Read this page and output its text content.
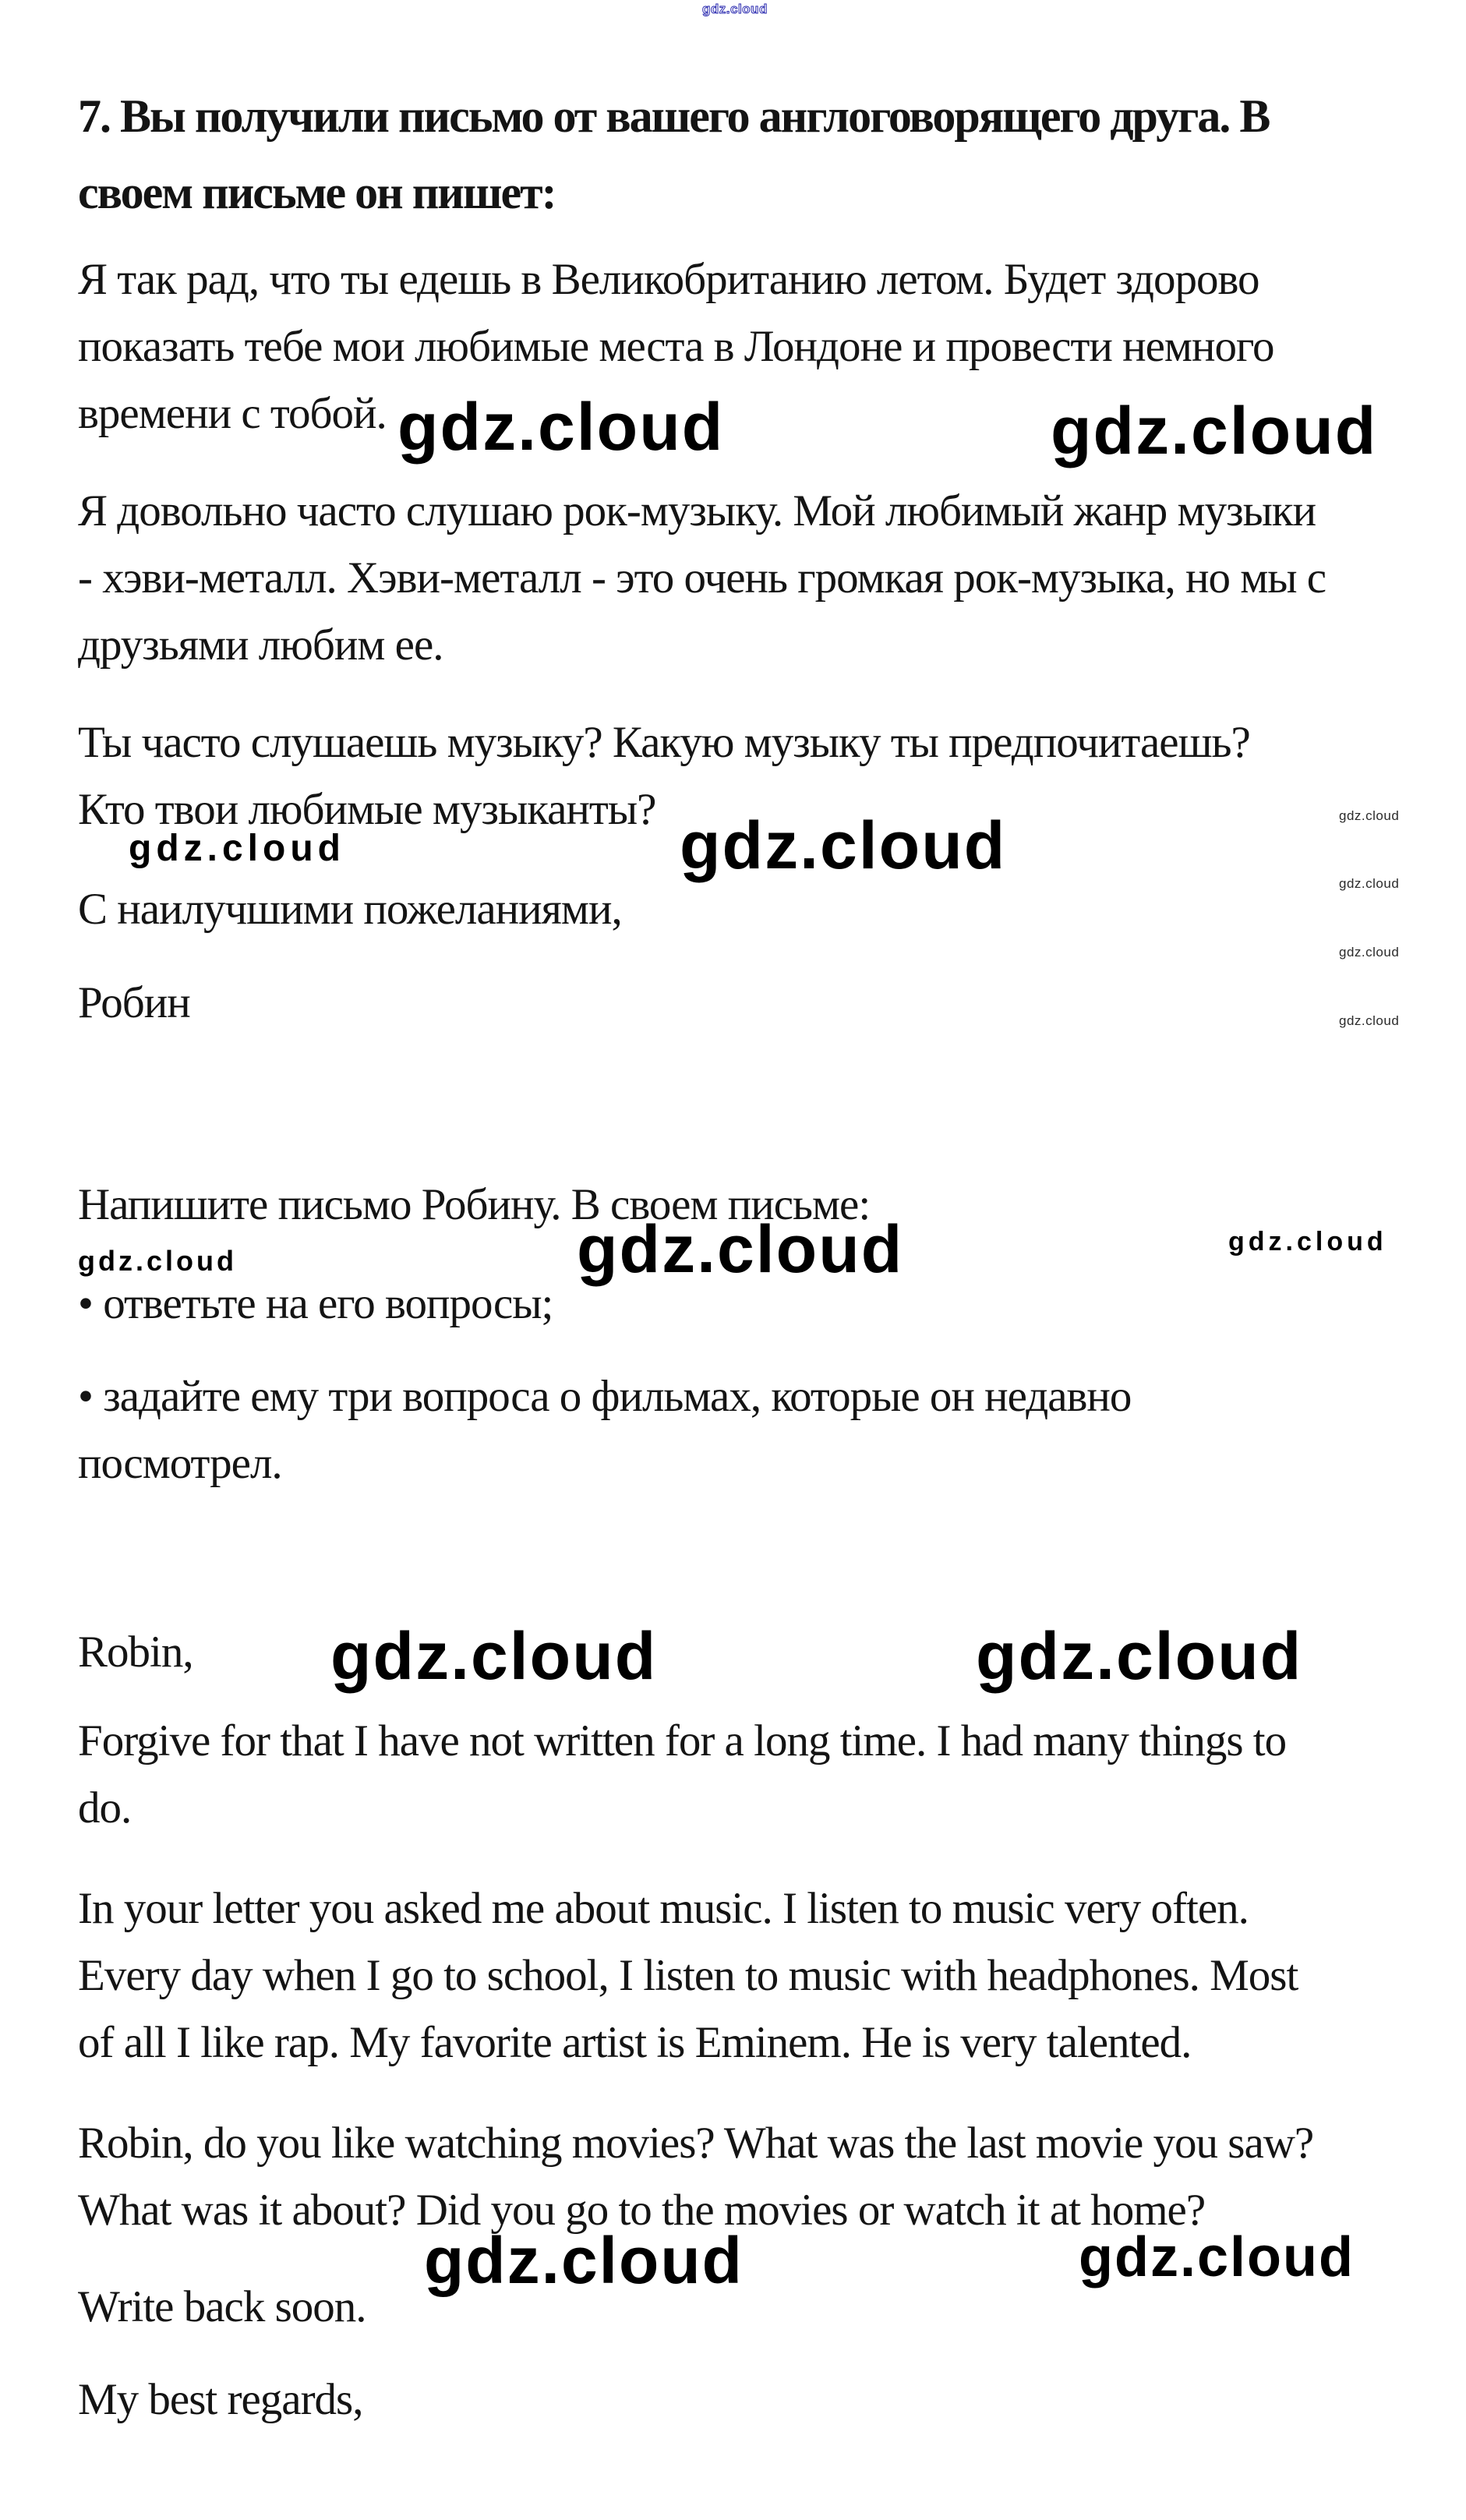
gdz.cloud
7. Вы получили письмо от вашего англоговорящего друга. В
своем письме он пишет:
Я так рад, что ты едешь в Великобританию летом. Будет здорово
показать тебе мои любимые места в Лондоне и провести немного
времени с тобой. gdz.cloud	gdz.cloud
Я довольно часто слушаю рок-музыку. Мой любимый жанр музыки
- хэви-металл. Хэви-металл - это очень громкая рок-музыка, но мы с
друзьями любим ее.
Ты часто слушаешь музыку? Какую музыку ты предпочитаешь?
Кто твои любимые музыканты?
gdz.cloud	gdz.cloud	gdz.cloud
gdz.cloud
gdz.cloud
gdz.cloud
С наилучшими пожеланиями,
Робин
Напишите письмо Робину. В своем письме:
gdz.cloud	gdz.cloud	gdz.cloud
• ответьте на его вопросы;
• задайте ему три вопроса о фильмах, которые он недавно
посмотрел.
Robin, gdz.cloud	gdz.cloud
Forgive for that I have not written for a long time. I had many things to
do.
In your letter you asked me about music. I listen to music very often.
Every day when I go to school, I listen to music with headphones. Most
of all I like rap. My favorite artist is Eminem. He is very talented.
Robin, do you like watching movies? What was the last movie you saw?
What was it about? Did you go to the movies or watch it at home?
gdz.cloud	gdz.cloud
Write back soon.
My best regards,
